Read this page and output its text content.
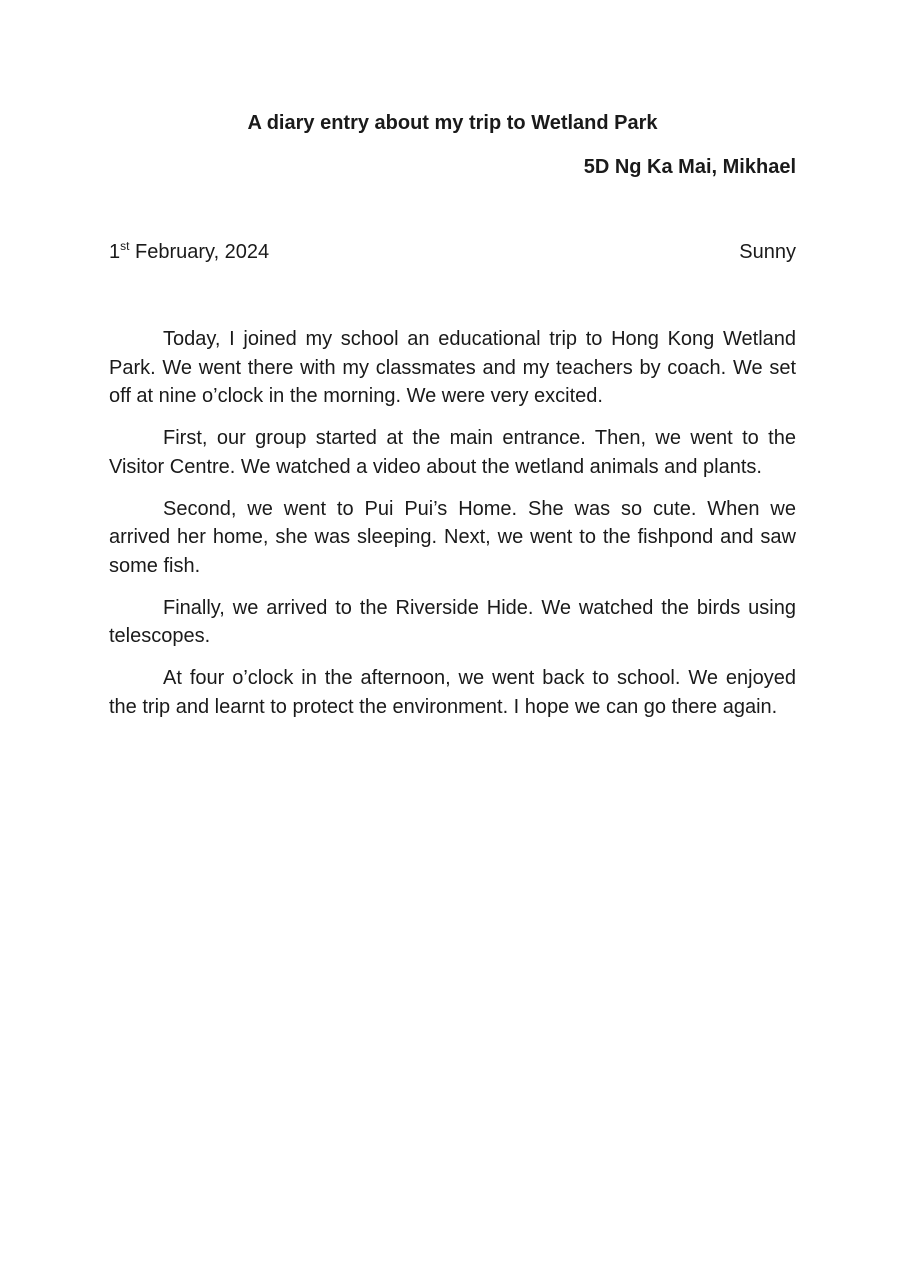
A diary entry about my trip to Wetland Park
5D Ng Ka Mai, Mikhael
1st February, 2024	Sunny

Today, I joined my school an educational trip to Hong Kong Wetland Park. We went there with my classmates and my teachers by coach. We set off at nine o’clock in the morning. We were very excited.

First, our group started at the main entrance. Then, we went to the Visitor Centre. We watched a video about the wetland animals and plants.

Second, we went to Pui Pui’s Home. She was so cute. When we arrived her home, she was sleeping. Next, we went to the fishpond and saw some fish.

Finally, we arrived to the Riverside Hide. We watched the birds using telescopes.

At four o’clock in the afternoon, we went back to school. We enjoyed the trip and learnt to protect the environment. I hope we can go there again.
